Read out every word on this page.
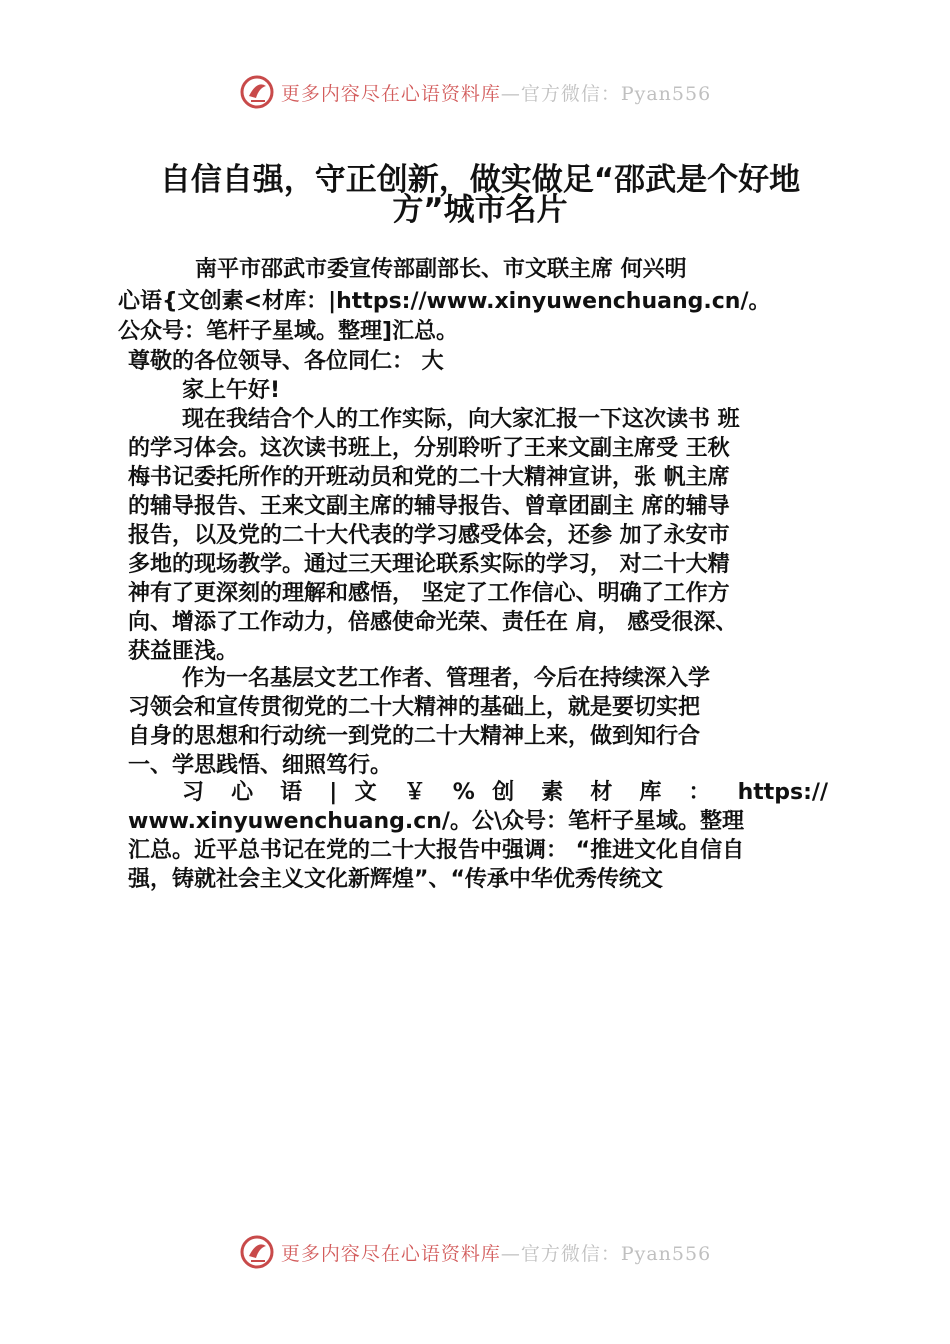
更多内容尽在心语资料库—官方微信：Pyan556
自信自强，守正创新，做实做足“邵武是个好地
方”城市名片
南平市邵武市委宣传部副部长、市文联主席 何兴明
心语{文创素<材库：|https://www.xinyuwenchuang.cn/。
公众号：笔杆子星域。整理]汇总。
尊敬的各位领导、各位同仁： 大
家上午好!
现在我结合个人的工作实际，向大家汇报一下这次读书 班
的学习体会。这次读书班上，分别聆听了王来文副主席受 王秋
梅书记委托所作的开班动员和党的二十大精神宣讲，张 帆主席
的辅导报告、王来文副主席的辅导报告、曾章团副主 席的辅导
报告，以及党的二十大代表的学习感受体会，还参 加了永安市
多地的现场教学。通过三天理论联系实际的学习， 对二十大精
神有了更深刻的理解和感悟， 坚定了工作信心、明确了工作方
向、增添了工作动力，倍感使命光荣、责任在 肩， 感受很深、
获益匪浅。
作为一名基层文艺工作者、管理者，今后在持续深入学
习领会和宣传贯彻党的二十大精神的基础上，就是要切实把
自身的思想和行动统一到党的二十大精神上来，做到知行合
一、学思践悟、细照笃行。
习 心 语 | 文 ￥ % 创 素 材 库 ： https://
www.xinyuwenchuang.cn/。公\众号：笔杆子星域。整理
汇总。近平总书记在党的二十大报告中强调： “推进文化自信自
强，铸就社会主义文化新辉煌”、“传承中华优秀传统文
更多内容尽在心语资料库—官方微信：Pyan556
